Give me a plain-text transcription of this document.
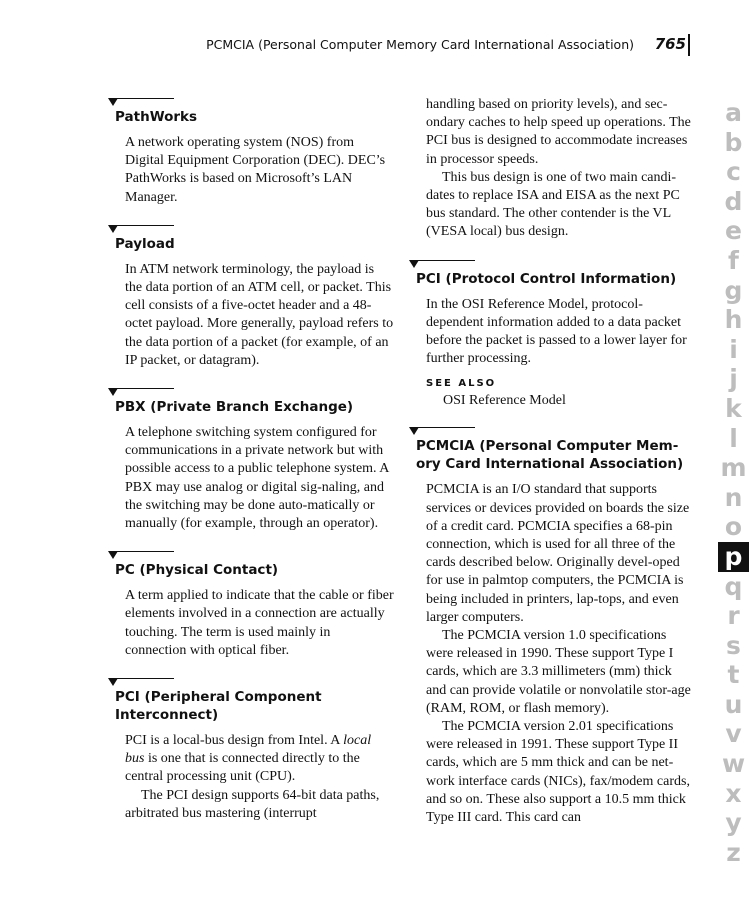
PCMCIA (Personal Computer Memory Card International Association) 765
PathWorks

A network operating system (NOS) from Digital Equipment Corporation (DEC). DEC’s PathWorks is based on Microsoft’s LAN Manager.

Payload

In ATM network terminology, the payload is the data portion of an ATM cell, or packet. This cell consists of a five-octet header and a 48-octet payload. More generally, payload refers to the data portion of a packet (for example, of an IP packet, or datagram).

PBX (Private Branch Exchange)

A telephone switching system configured for communications in a private network but with possible access to a public telephone system. A PBX may use analog or digital sig-naling, and the switching may be done auto-matically or manually (for example, through an operator).

PC (Physical Contact)

A term applied to indicate that the cable or fiber elements involved in a connection are actually touching. The term is used mainly in connection with optical fiber.

PCI (Peripheral Component Interconnect)

PCI is a local-bus design from Intel. A local bus is one that is connected directly to the central processing unit (CPU).

The PCI design supports 64-bit data paths, arbitrated bus mastering (interrupt

handling based on priority levels), and sec-ondary caches to help speed up operations. The PCI bus is designed to accommodate increases in processor speeds.

This bus design is one of two main candi-dates to replace ISA and EISA as the next PC bus standard. The other contender is the VL (VESA local) bus design.

PCI (Protocol Control Information)

In the OSI Reference Model, protocol-dependent information added to a data packet before the packet is passed to a lower layer for further processing.

SEE ALSO
OSI Reference Model
PCMCIA (Personal Computer Mem-ory Card International Association)

PCMCIA is an I/O standard that supports services or devices provided on boards the size of a credit card. PCMCIA specifies a 68-pin connection, which is used for all three of the cards described below. Originally devel-oped for use in palmtop computers, the PCMCIA is being included in printers, lap-tops, and even larger computers.

The PCMCIA version 1.0 specifications were released in 1990. These support Type I cards, which are 3.3 millimeters (mm) thick and can provide volatile or nonvolatile stor-age (RAM, ROM, or flash memory).

The PCMCIA version 2.01 specifications were released in 1991. These support Type II cards, which are 5 mm thick and can be net-work interface cards (NICs), fax/modem cards, and so on. These also support a 10.5 mm thick Type III card. This card can

a
b
c
d
e
f
g
h
i
j
k
l
m
n
o
p
q
r
s
t
u
v
w
x
y
z
